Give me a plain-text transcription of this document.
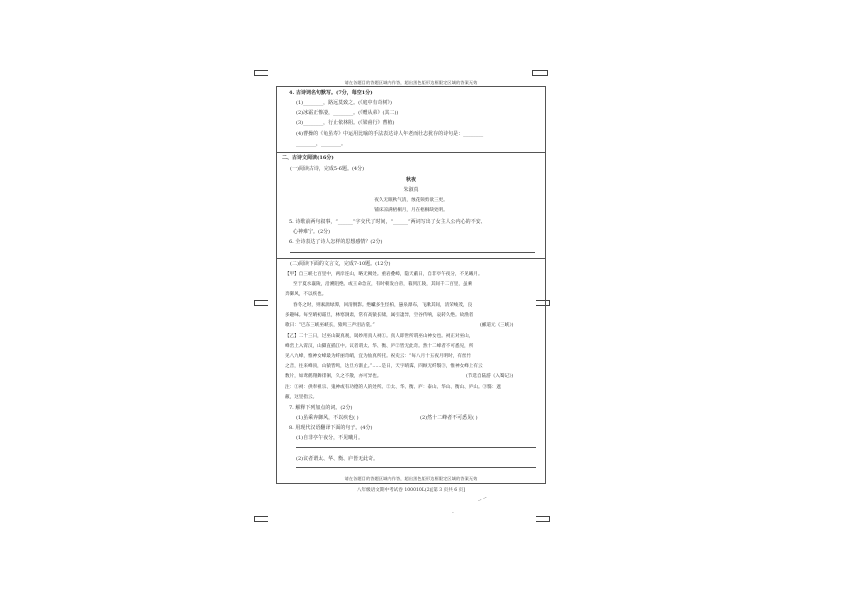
请在各题目的答题区域内作答，超出黑色矩形边框限定区域的答案无效
4. 古诗词名句默写。(7分，每空1分)
(1)________，路远莫致之。(《庭中有奇树》)
(2)冰霜正惨凄，________。(《赠从弟》(其二))
(3)________，行止依林阻。(《梁甫行》曹植)
(4)曹操的《龟虽寿》中运用比喻的手法表达诗人年老而壮志犹存的诗句是：________
________，________。
二、古诗文阅读(16分)
(一)阅读古诗，完成5-6题。(4分)
秋夜
朱淑真
夜久无眠秋气清，烛花频剪欲三更。
铺床凉满梧桐月，月在梧桐缺处明。
5. 诗歌前两句叙事，“______”字交代了时间，“______”两词写出了女主人公内心的不安、
心神难宁。(2分)
6. 全诗表达了诗人怎样的思想感情？(2分)
(二)阅读下面的文言文，完成7-10题。(12分)
【甲】自三峡七百里中，两岸连山，略无阙处。重岩叠嶂，隐天蔽日，自非亭午夜分，不见曦月。
至于夏水襄陵，沿溯阻绝。或王命急宣，有时朝发白帝，暮到江陵，其间千二百里，虽乘
奔御风，不以疾也。
春冬之时，则素湍绿潭，回清倒影。绝巘多生怪柏，悬泉瀑布，飞漱其间，清荣峻茂，良
多趣味。每至晴初霜旦，林寒涧肃，常有高猿长啸，属引凄异，空谷传响，哀转久绝。故渔者
歌曰：“巴东三峡巫峡长，猿鸣三声泪沾裳。”	(郦道元《三峡》)
【乙】二十三日，过巫山凝真观，谒妙用真人祠①。真人即世所谓巫山神女也。祠正对巫山，
峰峦上入霄汉，山脚直插江中。议者谓太、华、衡、庐②皆无此奇。然十二峰者不可悉见，所
见八九峰，惟神女峰最为纤丽奇峭，宜为仙真所托。祝史云：“每八月十五夜月明时，有丝竹
之音，往来峰顶，山猿皆鸣，达旦方渐止。”……是日，天宇晴霁，四顾无纤翳③，惟神女峰上有云
数片，如鸾鹤翔舞徘徊，久之不散，亦可异也。	(节选自陆游《入蜀记》)
注：①祠：供奉祖宗、鬼神或有功德的人的处所。②太、华、衡、庐：泰山、华山、衡山、庐山。③翳：遮
蔽，这里指云。
7. 解释下列加点的词。(2分)
(1)虽乘奔御风，不以疾也( )	(2)然十二峰者不可悉见( )
8. 用现代汉语翻译下面的句子。(4分)
(1)自非亭午夜分，不见曦月。
(2)议者谓太、华、衡、庐皆无此奇。
请在各题目的答题区域内作答，超出黑色矩形边框限定区域的答案无效
八年级语文期中考试卷 100010L(2)[第 3 页共 6 页]
╌ ╌
·
